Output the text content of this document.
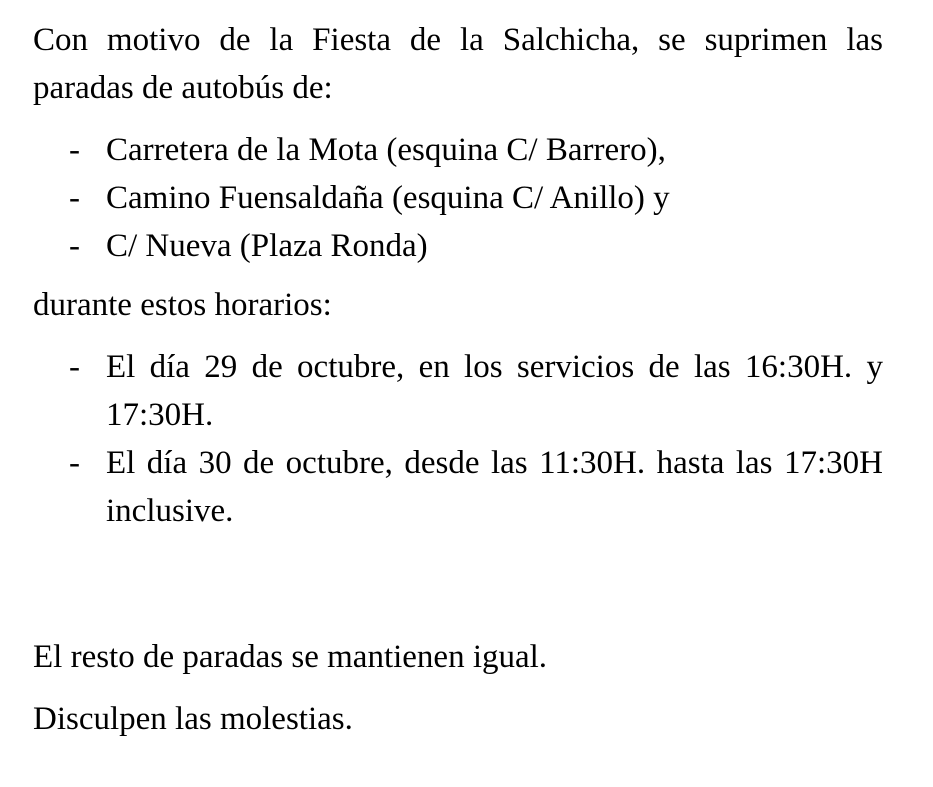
Con motivo de la Fiesta de la Salchicha, se suprimen las paradas de autobús de:

- Carretera de la Mota (esquina C/ Barrero),
- Camino Fuensaldaña (esquina C/ Anillo) y
- C/ Nueva (Plaza Ronda)

durante estos horarios:

- El día 29 de octubre, en los servicios de las 16:30H. y 17:30H.
- El día 30 de octubre, desde las 11:30H. hasta las 17:30H inclusive.

El resto de paradas se mantienen igual.

Disculpen las molestias.
